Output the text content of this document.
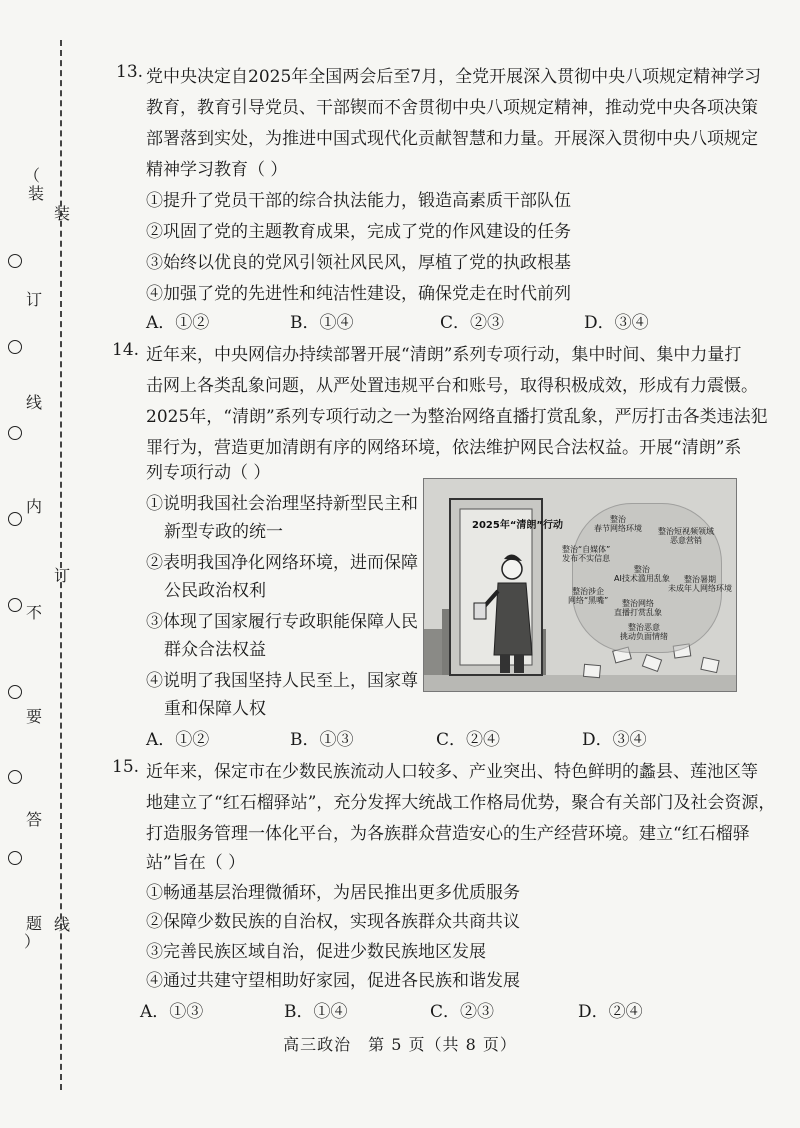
（
装
订
线
内
不
要
答
题
）
装
订
线
13. 党中央决定自2025年全国两会后至7月，全党开展深入贯彻中央八项规定精神学习
教育，教育引导党员、干部锲而不舍贯彻中央八项规定精神，推动党中央各项决策
部署落到实处，为推进中国式现代化贡献智慧和力量。开展深入贯彻中央八项规定
精神学习教育（ ）
①提升了党员干部的综合执法能力，锻造高素质干部队伍
②巩固了党的主题教育成果，完成了党的作风建设的任务
③始终以优良的党风引领社风民风，厚植了党的执政根基
④加强了党的先进性和纯洁性建设，确保党走在时代前列
A．①②	B．①④	C．②③	D．③④
14. 近年来，中央网信办持续部署开展“清朗”系列专项行动，集中时间、集中力量打
击网上各类乱象问题，从严处置违规平台和账号，取得积极成效，形成有力震慑。
2025年，“清朗”系列专项行动之一为整治网络直播打赏乱象，严厉打击各类违法犯
罪行为，营造更加清朗有序的网络环境，依法维护网民合法权益。开展“清朗”系
列专项行动（ ）
①说明我国社会治理坚持新型民主和
新型专政的统一
②表明我国净化网络环境，进而保障
公民政治权利
③体现了国家履行专政职能保障人民
群众合法权益
④说明了我国坚持人民至上，国家尊
重和保障人权
2025年“清朗”行动
整治
春节网络环境 整治短视频领域
恶意营销
整治“自媒体”
发布不实信息
整治
AI技术滥用乱象	整治暑期
未成年人网络环境
整治涉企
网络“黑嘴”	整治网络
直播打赏乱象
整治恶意
挑动负面情绪
A．①②	B．①③	C．②④	D．③④
15. 近年来，保定市在少数民族流动人口较多、产业突出、特色鲜明的蠡县、莲池区等
地建立了“红石榴驿站”，充分发挥大统战工作格局优势，聚合有关部门及社会资源，
打造服务管理一体化平台，为各族群众营造安心的生产经营环境。建立“红石榴驿
站”旨在（ ）
①畅通基层治理微循环，为居民推出更多优质服务
②保障少数民族的自治权，实现各族群众共商共议
③完善民族区域自治，促进少数民族地区发展
④通过共建守望相助好家园，促进各民族和谐发展
A．①③	B．①④	C．②③	D．②④
高三政治　第 5 页（共 8 页）
